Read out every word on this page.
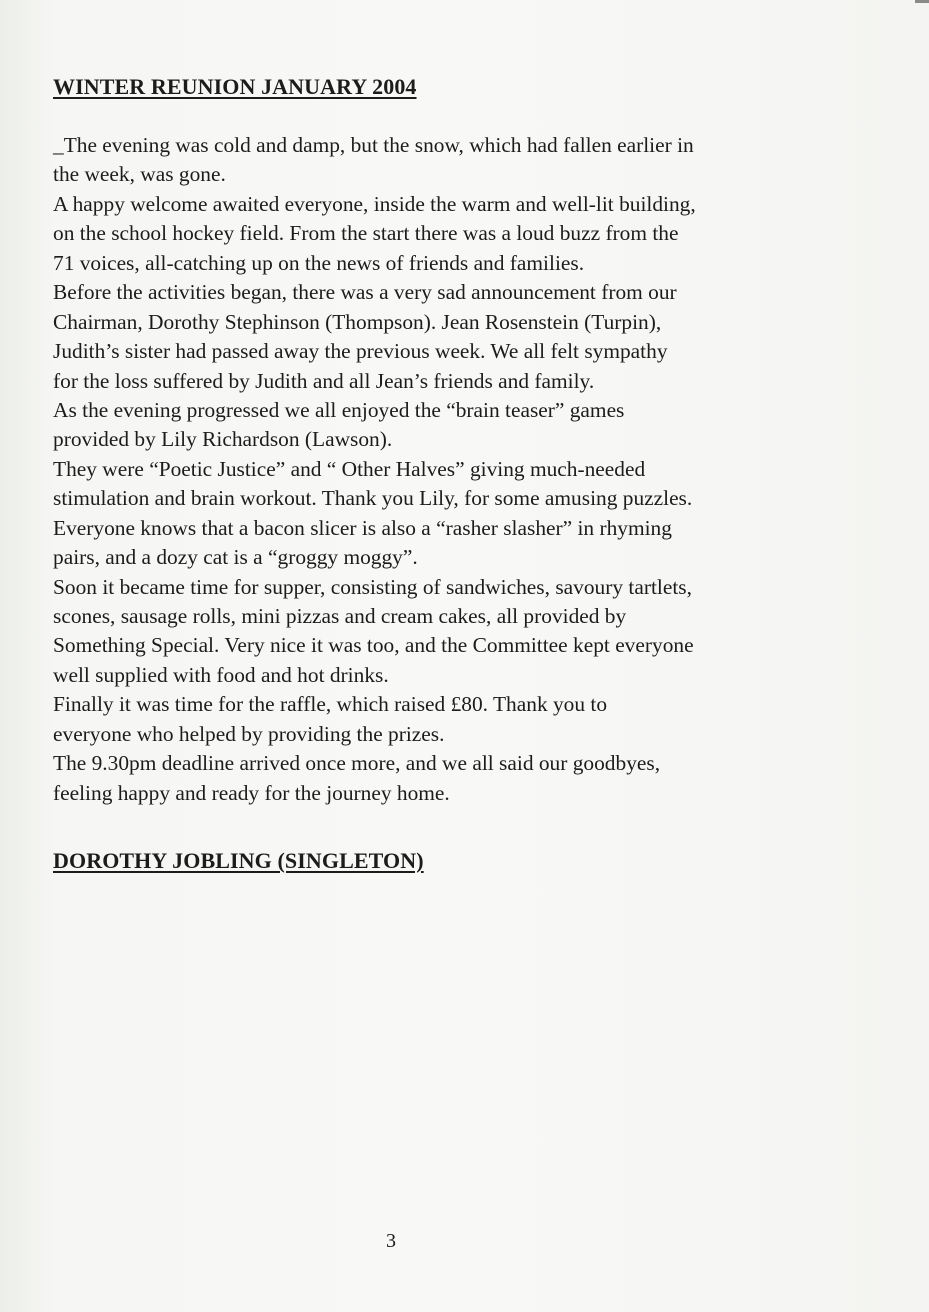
WINTER REUNION JANUARY 2004
_The evening was cold and damp, but the snow, which had fallen earlier in
the week, was gone.
A happy welcome awaited everyone, inside the warm and well-lit building,
on the school hockey field. From the start there was a loud buzz from the
71 voices, all-catching up on the news of friends and families.
Before the activities began, there was a very sad announcement from our
Chairman, Dorothy Stephinson (Thompson). Jean Rosenstein (Turpin),
Judith’s sister had passed away the previous week. We all felt sympathy
for the loss suffered by Judith and all Jean’s friends and family.
As the evening progressed we all enjoyed the “brain teaser” games
provided by Lily Richardson (Lawson).
They were “Poetic Justice” and “ Other Halves” giving much-needed
stimulation and brain workout. Thank you Lily, for some amusing puzzles.
Everyone knows that a bacon slicer is also a “rasher slasher” in rhyming
pairs, and a dozy cat is a “groggy moggy”.
Soon it became time for supper, consisting of sandwiches, savoury tartlets,
scones, sausage rolls, mini pizzas and cream cakes, all provided by
Something Special. Very nice it was too, and the Committee kept everyone
well supplied with food and hot drinks.
Finally it was time for the raffle, which raised £80. Thank you to
everyone who helped by providing the prizes.
The 9.30pm deadline arrived once more, and we all said our goodbyes,
feeling happy and ready for the journey home.
DOROTHY JOBLING (SINGLETON)
3
